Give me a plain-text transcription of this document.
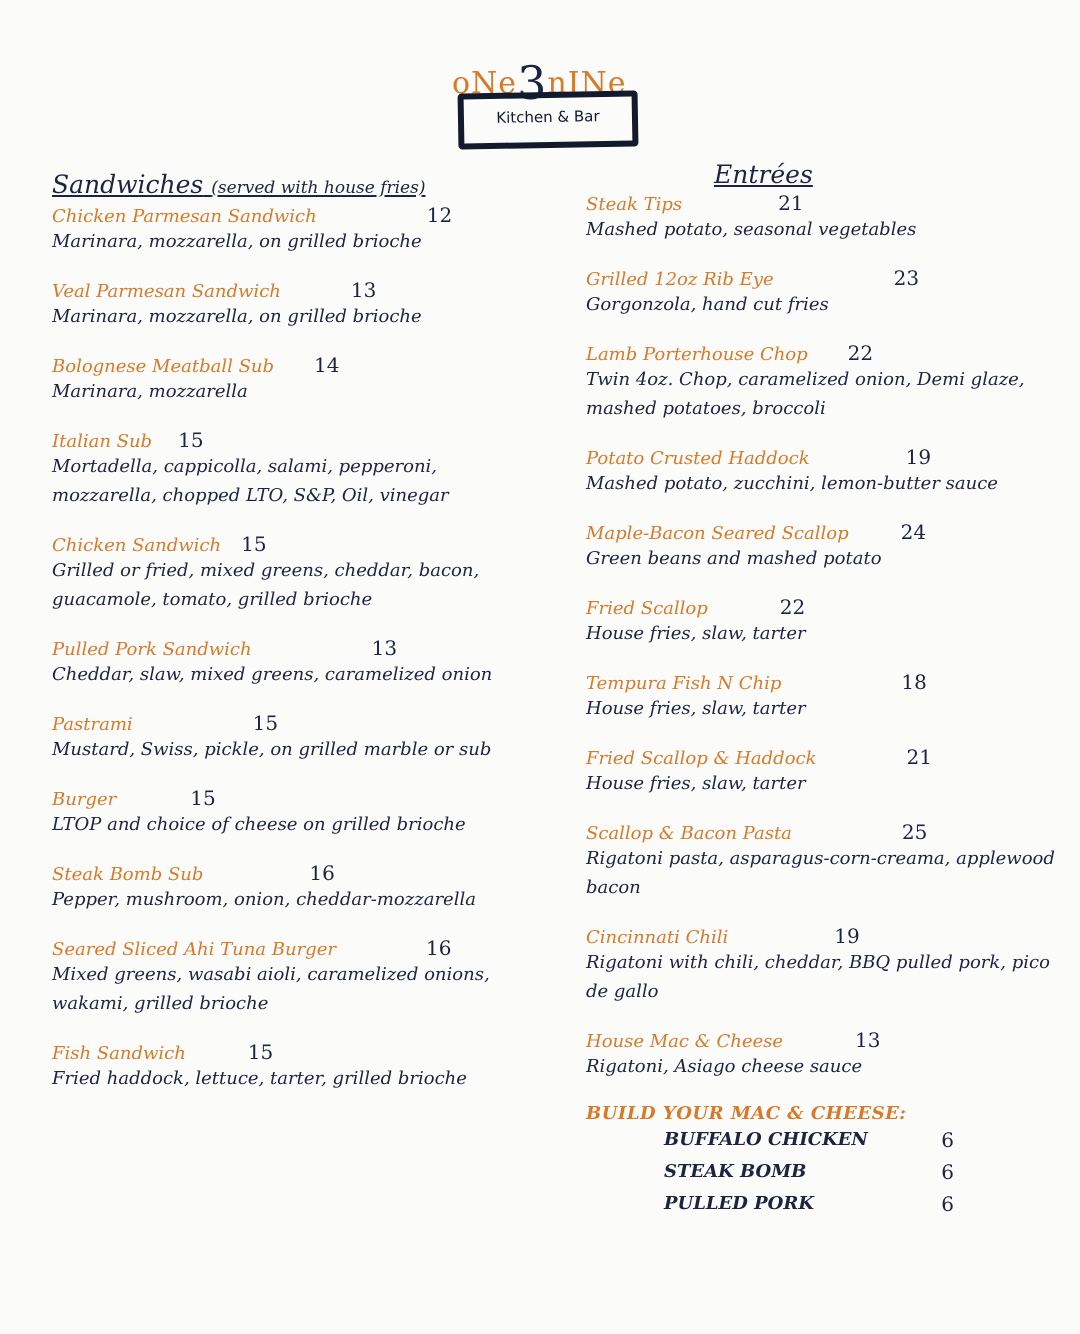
oNe3nINe
Kitchen & Bar
Sandwiches (served with house fries)
Chicken Parmesan Sandwich	12
Marinara, mozzarella, on grilled brioche
Veal Parmesan Sandwich	13
Marinara, mozzarella, on grilled brioche
Bolognese Meatball Sub 14
Marinara, mozzarella
Italian Sub 15
Mortadella, cappicolla, salami, pepperoni, mozzarella, chopped LTO, S&P, Oil, vinegar
Chicken Sandwich 15
Grilled or fried, mixed greens, cheddar, bacon, guacamole, tomato, grilled brioche
Pulled Pork Sandwich	13
Cheddar, slaw, mixed greens, caramelized onion
Pastrami	15
Mustard, Swiss, pickle, on grilled marble or sub
Burger	15
LTOP and choice of cheese on grilled brioche
Steak Bomb Sub	16
Pepper, mushroom, onion, cheddar-mozzarella
Seared Sliced Ahi Tuna Burger	16
Mixed greens, wasabi aioli, caramelized onions, wakami, grilled brioche
Fish Sandwich	15
Fried haddock, lettuce, tarter, grilled brioche
Entrées
Steak Tips	21
Mashed potato, seasonal vegetables
Grilled 12oz Rib Eye	23
Gorgonzola, hand cut fries
Lamb Porterhouse Chop 22
Twin 4oz. Chop, caramelized onion, Demi glaze, mashed potatoes, broccoli
Potato Crusted Haddock	19
Mashed potato, zucchini, lemon-butter sauce
Maple-Bacon Seared Scallop	24
Green beans and mashed potato
Fried Scallop	22
House fries, slaw, tarter
Tempura Fish N Chip	18
House fries, slaw, tarter
Fried Scallop & Haddock	21
House fries, slaw, tarter
Scallop & Bacon Pasta	25
Rigatoni pasta, asparagus-corn-creama, applewood bacon
Cincinnati Chili	19
Rigatoni with chili, cheddar, BBQ pulled pork, pico de gallo
House Mac & Cheese	13
Rigatoni, Asiago cheese sauce
BUILD YOUR MAC & CHEESE:
BUFFALO CHICKEN	6
STEAK BOMB	6
PULLED PORK	6
